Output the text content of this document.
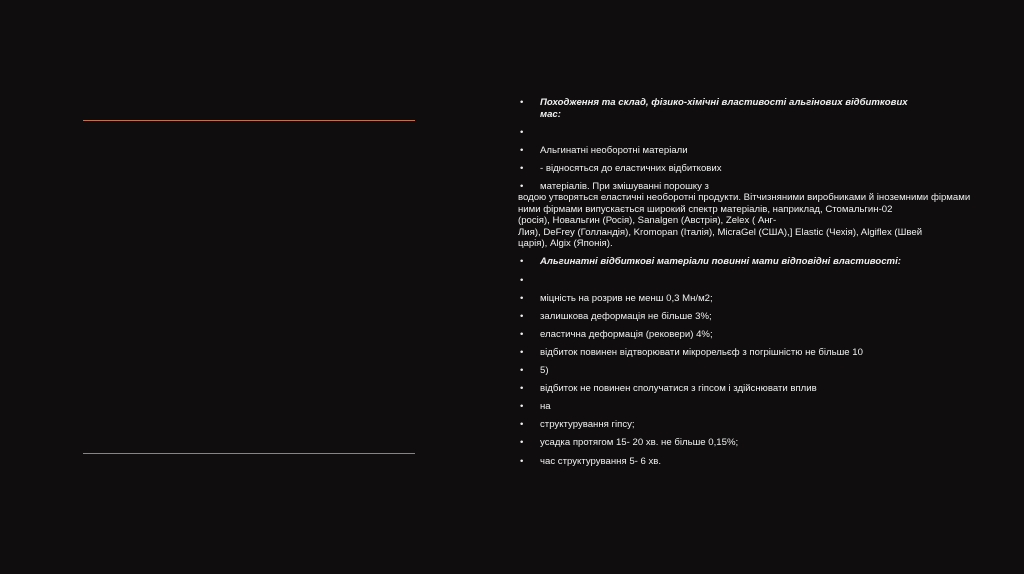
•	Походження та склад, фізико-хімічні властивості альгінових відбиткових мас:
•
•	Альгинатні необоротні матеріали
•	- відносяться до еластичних відбиткових
•	матеріалів. При змішуванні порошку з
водою утворяться еластичні необоротні продукти. Вітчизняними виробниками й іноземними фірмами
ними фірмами випускається широкий спектр матеріалів, наприклад, Стомальгин-02
(росія), Новальгин (Росія), Sanalgen (Австрія), Zelex ( Анг-
Лия), DeFrey (Голландія), Kromopan (Італія), MicraGel (США),] Elastic (Чехія), Algiflex (Швей
царія), Algix (Японія).
•	Альгинатні відбиткові матеріали повинні мати відповідні властивості:
•
•	міцність на розрив не менш 0,3 Мн/м2;
•	залишкова деформація не більше 3%;
•	еластична деформація (рековери) 4%;
•	відбиток повинен відтворювати мікрорельєф з погрішністю не більше 10
•	5)
•	відбиток не повинен сполучатися з гіпсом і здійснювати вплив
•	на
•	структурування гіпсу;
•	усадка протягом 15- 20 хв. не більше 0,15%;
•	час структурування 5- 6 хв.
